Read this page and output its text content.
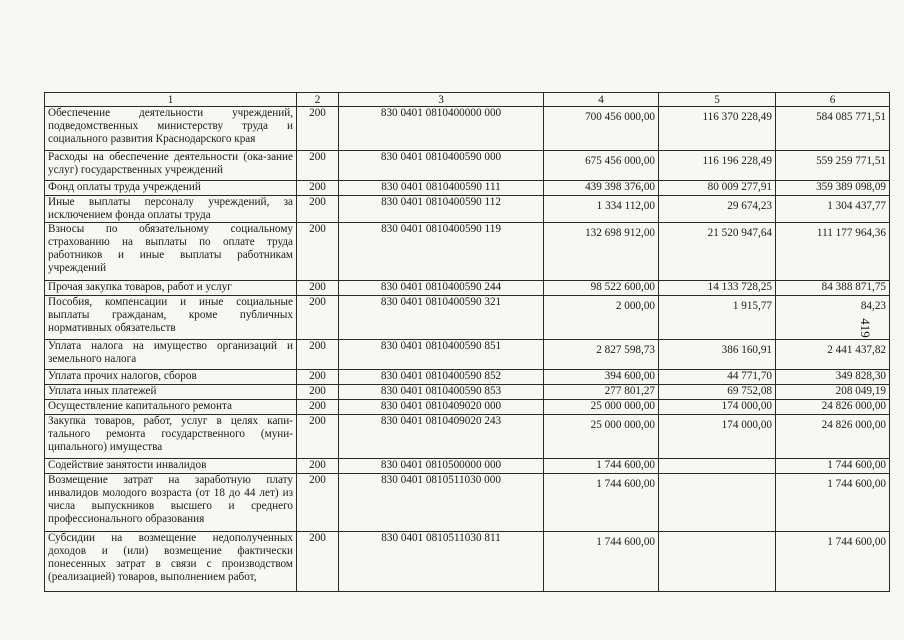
1	2	3	4	5	6
Обеспечение деятельности учреждений, подведомственных министерству труда и социального развития Краснодарского края	200	830 0401 0810400000 000	700 456 000,00	116 370 228,49	584 085 771,51
Расходы на обеспечение деятельности (ока-зание услуг) государственных учреждений	200	830 0401 0810400590 000	675 456 000,00	116 196 228,49	559 259 771,51
Фонд оплаты труда учреждений	200	830 0401 0810400590 111	439 398 376,00	80 009 277,91	359 389 098,09
Иные выплаты персоналу учреждений, за исключением фонда оплаты труда	200	830 0401 0810400590 112	1 334 112,00	29 674,23	1 304 437,77
Взносы по обязательному социальному страхованию на выплаты по оплате труда работников и иные выплаты работникам учреждений	200	830 0401 0810400590 119	132 698 912,00	21 520 947,64	111 177 964,36
Прочая закупка товаров, работ и услуг	200	830 0401 0810400590 244	98 522 600,00	14 133 728,25	84 388 871,75
Пособия, компенсации и иные социальные выплаты гражданам, кроме публичных нормативных обязательств	200	830 0401 0810400590 321	2 000,00	1 915,77	84,23
Уплата налога на имущество организаций и земельного налога	200	830 0401 0810400590 851	2 827 598,73	386 160,91	2 441 437,82
Уплата прочих налогов, сборов	200	830 0401 0810400590 852	394 600,00	44 771,70	349 828,30
Уплата иных платежей	200	830 0401 0810400590 853	277 801,27	69 752,08	208 049,19
Осуществление капитального ремонта	200	830 0401 0810409020 000	25 000 000,00	174 000,00	24 826 000,00
Закупка товаров, работ, услуг в целях капи-тального ремонта государственного (муни-ципального) имущества	200	830 0401 0810409020 243	25 000 000,00	174 000,00	24 826 000,00
Содействие занятости инвалидов	200	830 0401 0810500000 000	1 744 600,00		1 744 600,00
Возмещение затрат на заработную плату инвалидов молодого возраста (от 18 до 44 лет) из числа выпускников высшего и среднего профессионального образования	200	830 0401 0810511030 000	1 744 600,00		1 744 600,00
Субсидии на возмещение недополученных доходов и (или) возмещение фактически понесенных затрат в связи с производством (реализацией) товаров, выполнением работ,	200	830 0401 0810511030 811	1 744 600,00		1 744 600,00
419
